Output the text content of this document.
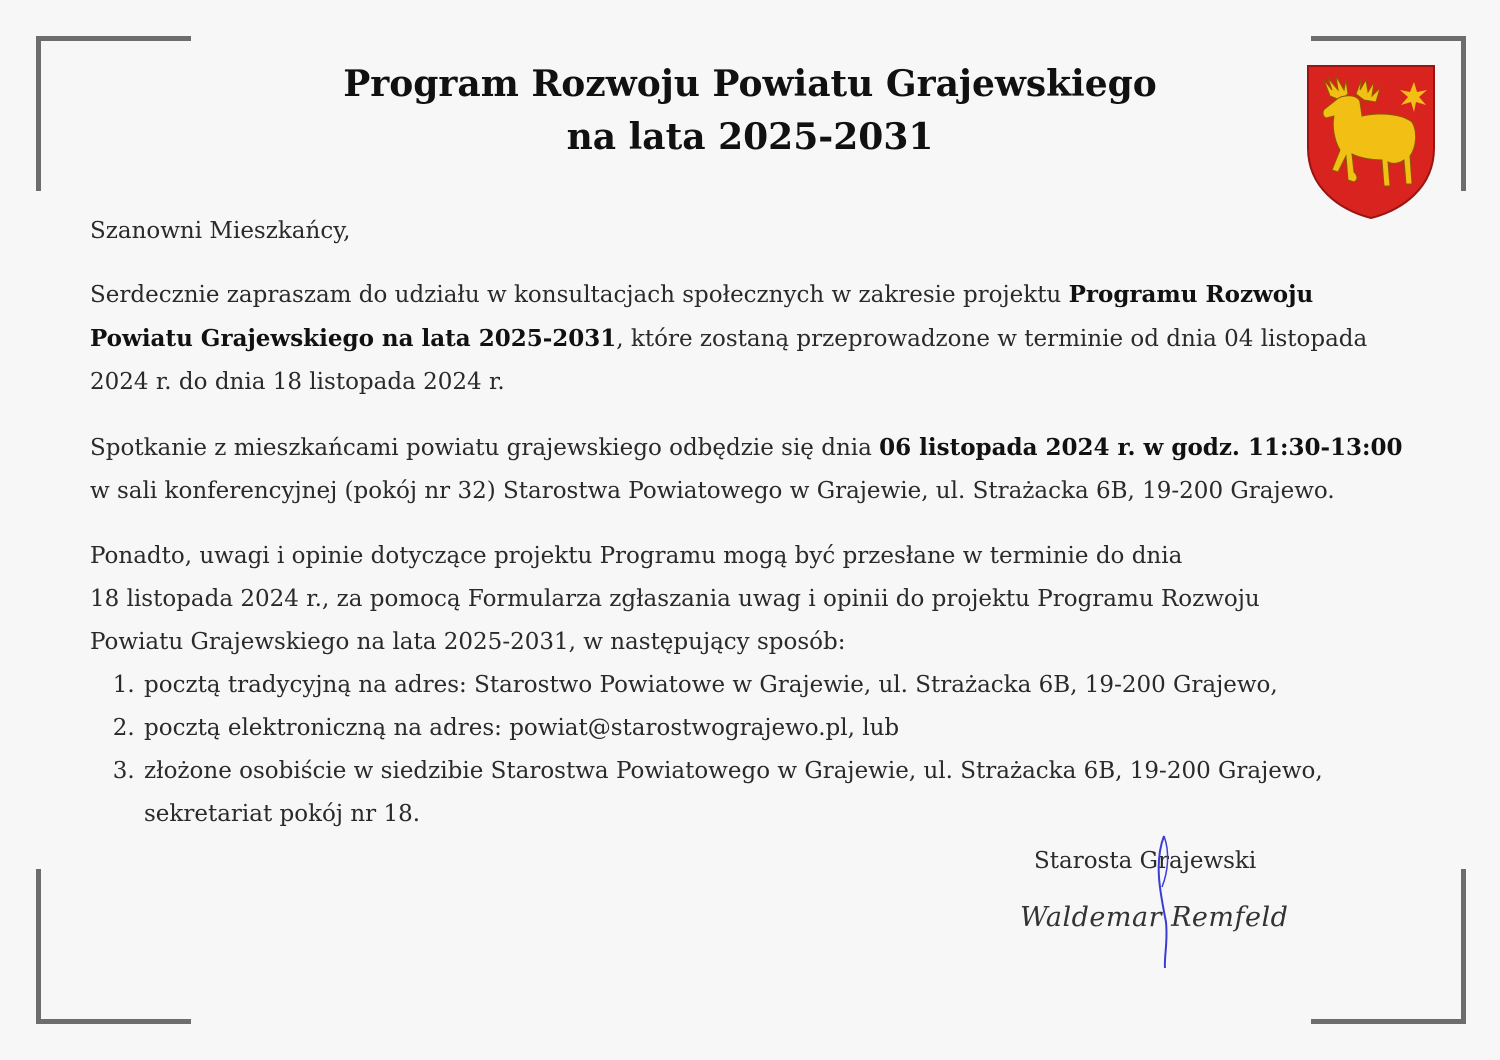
Program Rozwoju Powiatu Grajewskiego
na lata 2025-2031

Szanowni Mieszkańcy,

Serdecznie zapraszam do udziału w konsultacjach społecznych w zakresie projektu Programu Rozwoju Powiatu Grajewskiego na lata 2025-2031, które zostaną przeprowadzone w terminie od dnia 04 listopada 2024 r. do dnia 18 listopada 2024 r.

Spotkanie z mieszkańcami powiatu grajewskiego odbędzie się dnia 06 listopada 2024 r. w godz. 11:30-13:00 w sali konferencyjnej (pokój nr 32) Starostwa Powiatowego w Grajewie, ul. Strażacka 6B, 19-200 Grajewo.

Ponadto, uwagi i opinie dotyczące projektu Programu mogą być przesłane w terminie do dnia
18 listopada 2024 r., za pomocą Formularza zgłaszania uwag i opinii do projektu Programu Rozwoju
Powiatu Grajewskiego na lata 2025-2031, w następujący sposób:
1. pocztą tradycyjną na adres: Starostwo Powiatowe w Grajewie, ul. Strażacka 6B, 19-200 Grajewo,
2. pocztą elektroniczną na adres: powiat@starostwograjewo.pl, lub
3. złożone osobiście w siedzibie Starostwa Powiatowego w Grajewie, ul. Strażacka 6B, 19-200 Grajewo, sekretariat pokój nr 18.
Starosta Grajewski
Waldemar Remfeld
